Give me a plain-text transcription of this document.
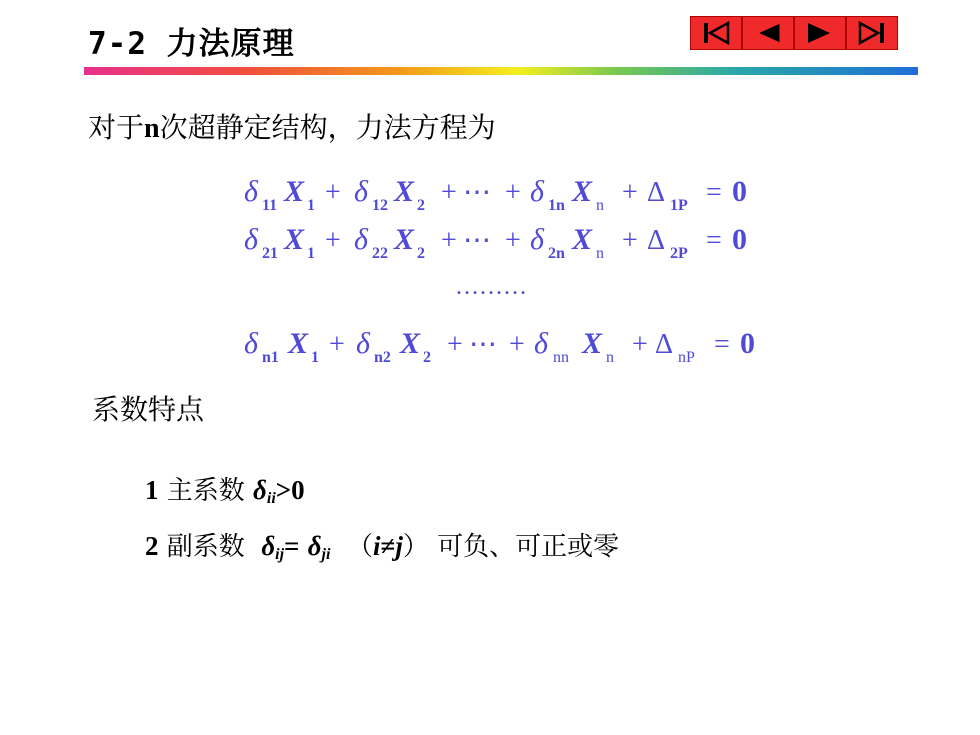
7-2 力法原理
对于n次超静定结构，力法方程为
δ 11 X 1 + δ 12 X 2 + ⋯ + δ 1n X n + Δ 1P = 0
δ 21 X 1 + δ 22 X 2 + ⋯ + δ 2n X n + Δ 2P = 0
………
δ n1 X 1 + δ n2 X 2 + ⋯ + δ nn X n + Δ nP = 0
系数特点
1 主系数 $\delta_{ii}>0$
2 副系数 $\delta_{ij}= \delta_{ji}$ （i≠j） 可负、可正或零
